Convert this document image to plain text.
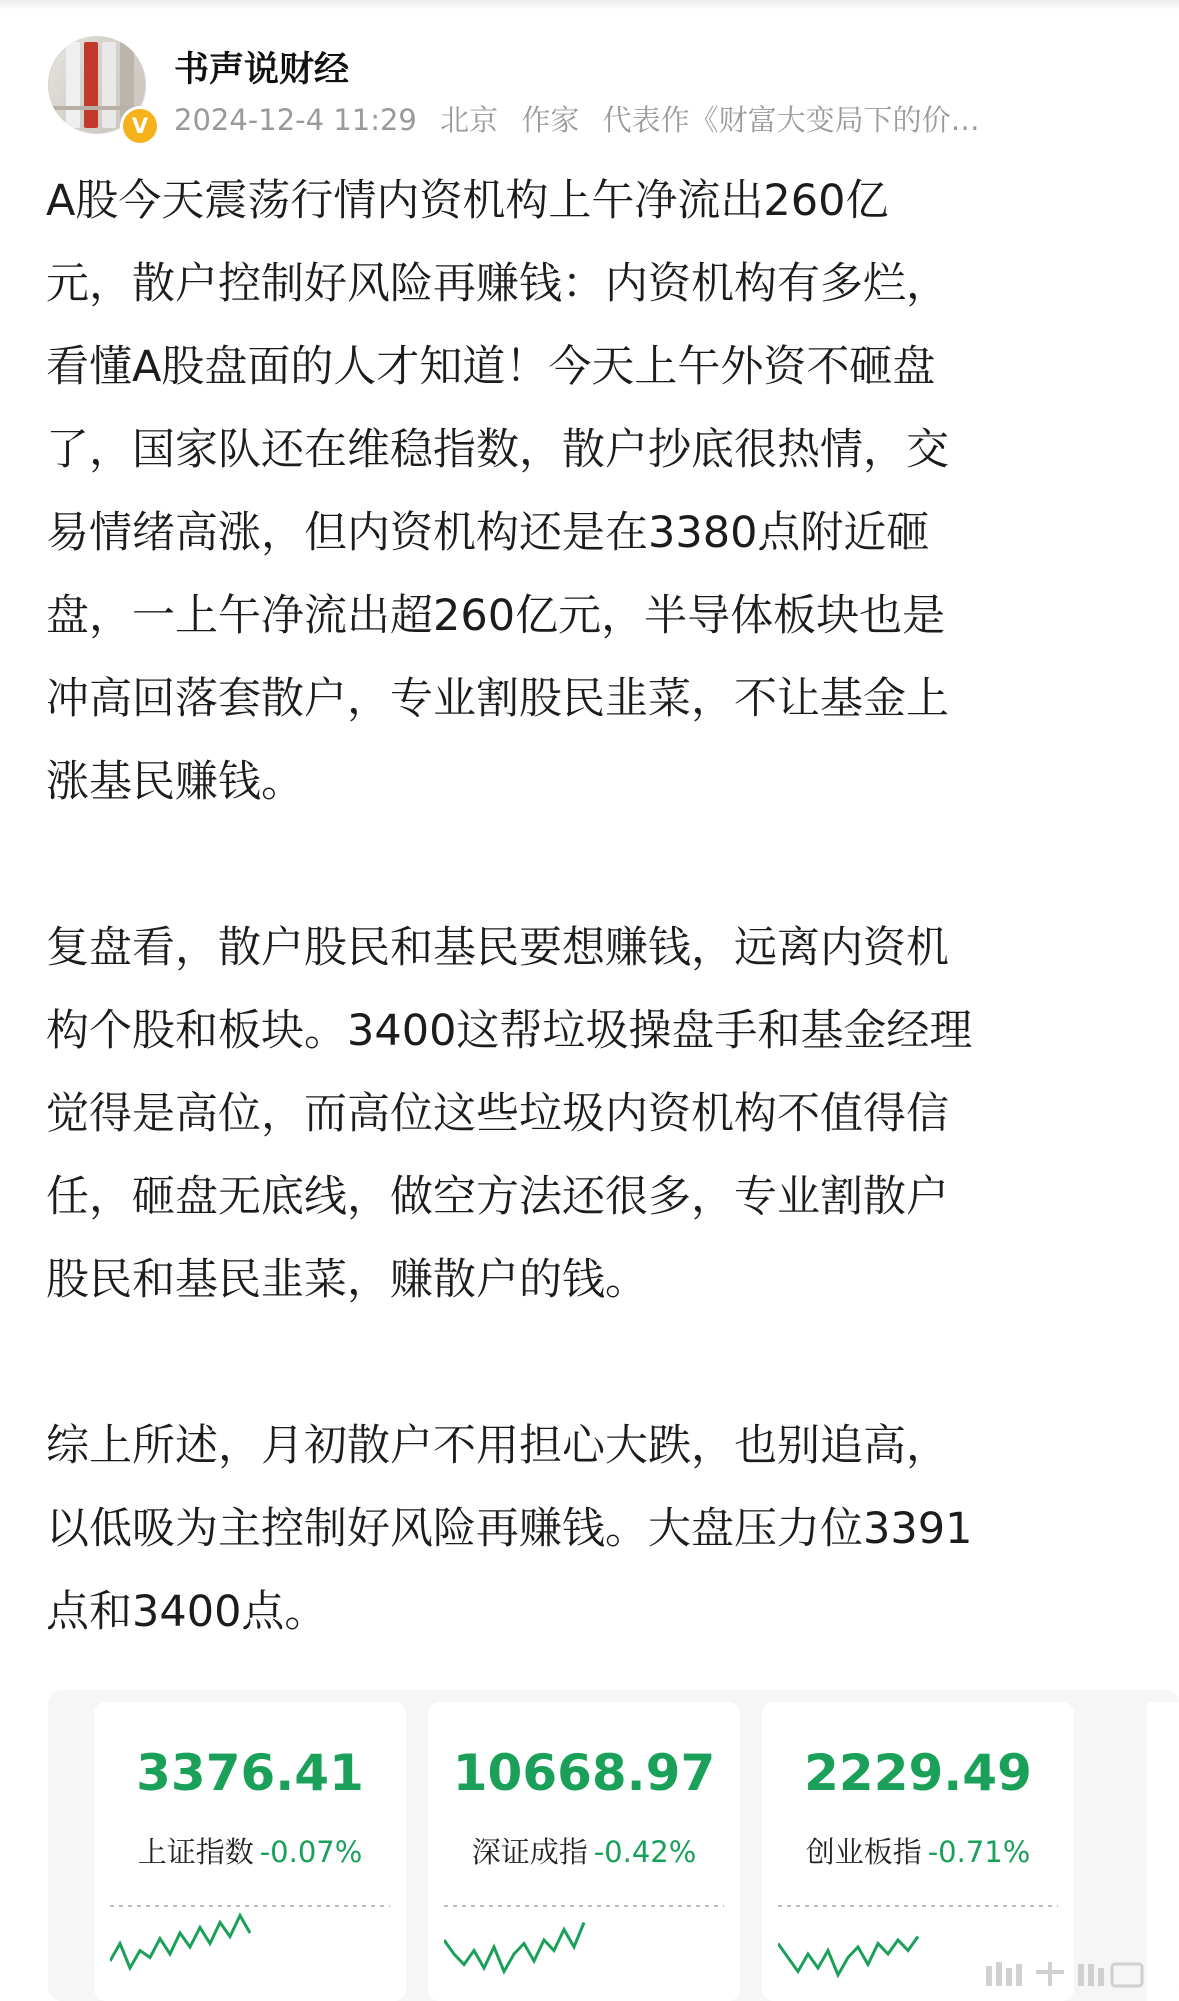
V
书声说财经
2024-12-4 11:29 北京 作家 代表作《财富大变局下的价…

A股今天震荡行情内资机构上午净流出260亿
元，散户控制好风险再赚钱：内资机构有多烂，
看懂A股盘面的人才知道！今天上午外资不砸盘
了，国家队还在维稳指数，散户抄底很热情，交
易情绪高涨，但内资机构还是在3380点附近砸
盘，一上午净流出超260亿元，半导体板块也是
冲高回落套散户，专业割股民韭菜，不让基金上
涨基民赚钱。

复盘看，散户股民和基民要想赚钱，远离内资机
构个股和板块。3400这帮垃圾操盘手和基金经理
觉得是高位，而高位这些垃圾内资机构不值得信
任，砸盘无底线，做空方法还很多，专业割散户
股民和基民韭菜，赚散户的钱。

综上所述，月初散户不用担心大跌，也别追高，
以低吸为主控制好风险再赚钱。大盘压力位3391
点和3400点。

3376.41
上证指数 -0.07%
10668.97
深证成指 -0.42%
2229.49
创业板指 -0.71%
